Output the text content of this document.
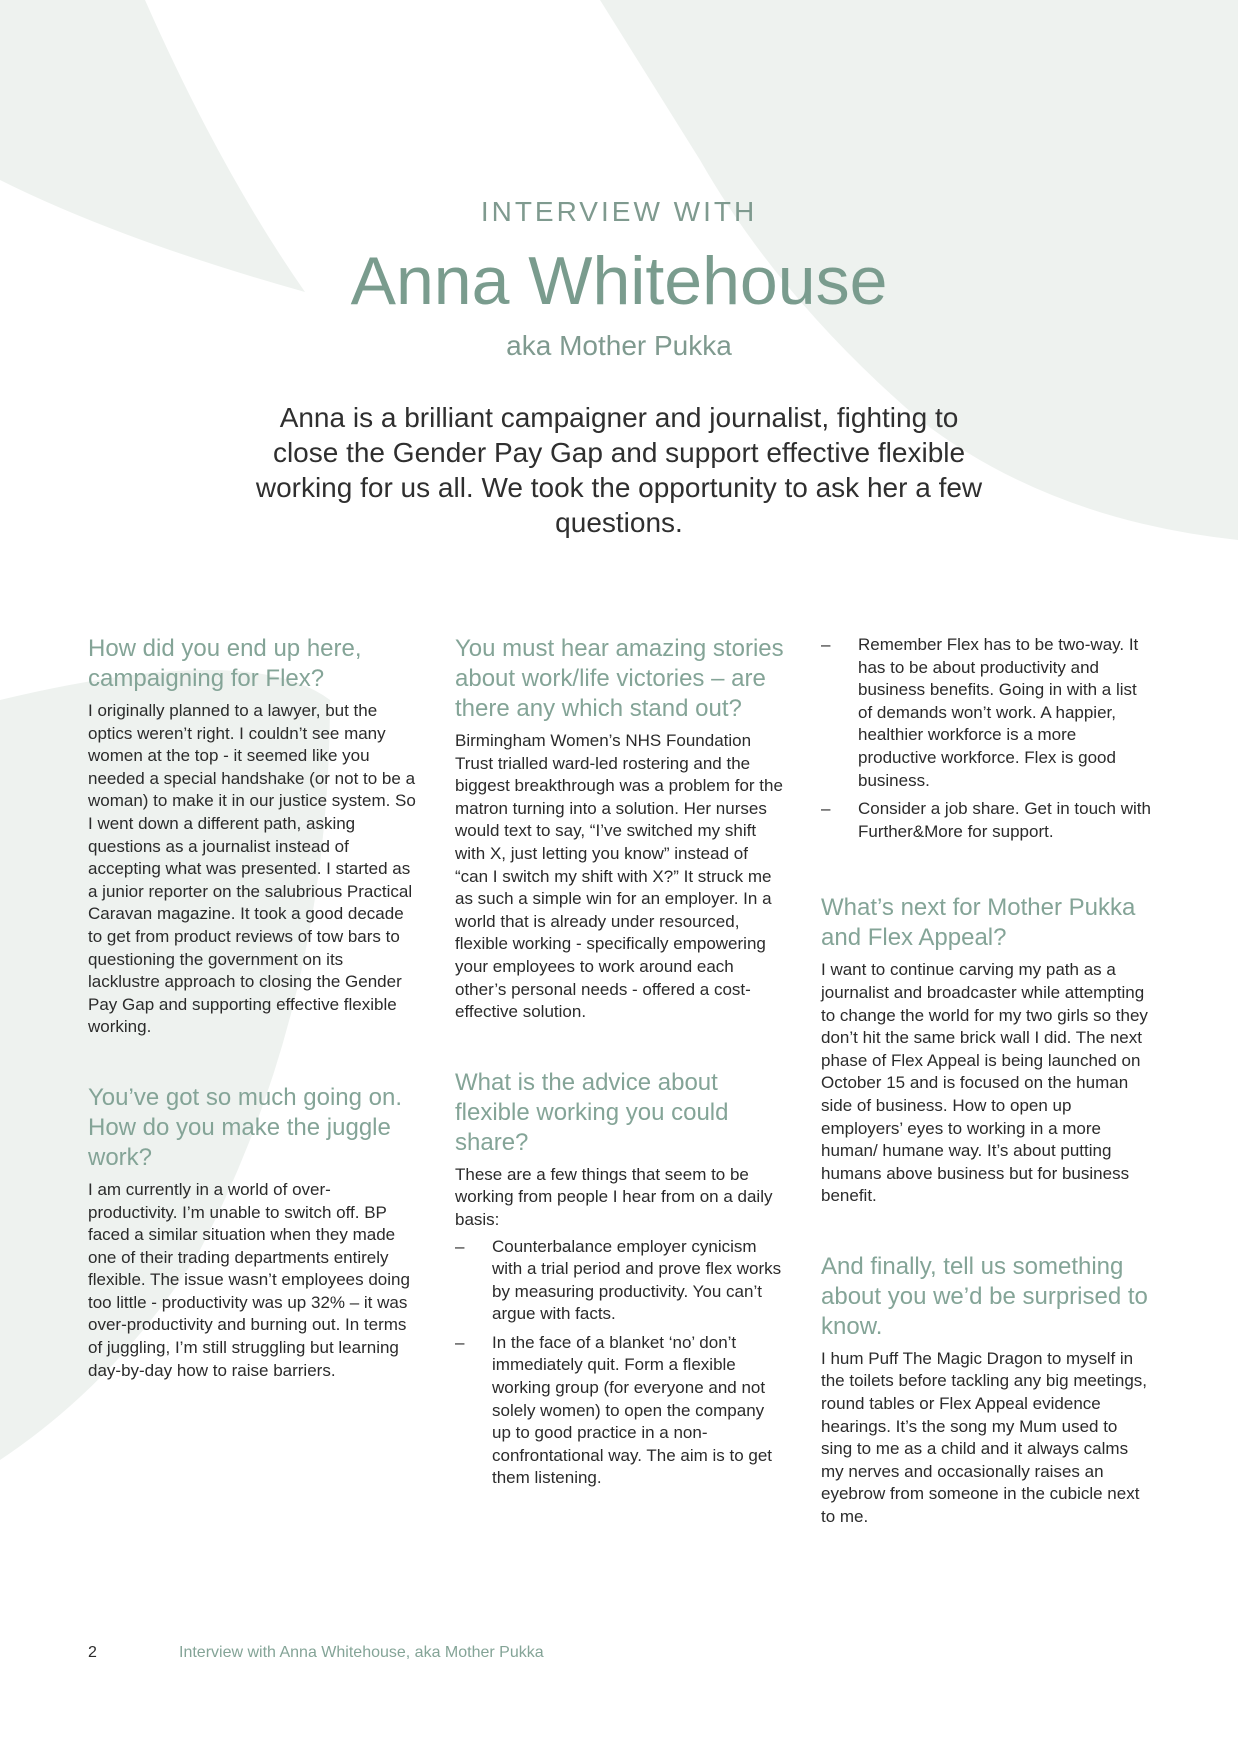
INTERVIEW WITH
Anna Whitehouse
aka Mother Pukka

Anna is a brilliant campaigner and journalist, fighting to close the Gender Pay Gap and support effective flexible working for us all. We took the opportunity to ask her a few questions.

How did you end up here, campaigning for Flex?

I originally planned to a lawyer, but the optics weren’t right. I couldn’t see many women at the top - it seemed like you needed a special handshake (or not to be a woman) to make it in our justice system. So I went down a different path, asking questions as a journalist instead of accepting what was presented. I started as a junior reporter on the salubrious Practical Caravan magazine. It took a good decade to get from product reviews of tow bars to questioning the government on its lacklustre approach to closing the Gender Pay Gap and supporting effective flexible working.

You’ve got so much going on. How do you make the juggle work?

I am currently in a world of over-productivity. I’m unable to switch off. BP faced a similar situation when they made one of their trading departments entirely flexible. The issue wasn’t employees doing too little - productivity was up 32% – it was over-productivity and burning out. In terms of juggling, I’m still struggling but learning day-by-day how to raise barriers.

You must hear amazing stories about work/life victories – are there any which stand out?

Birmingham Women’s NHS Foundation Trust trialled ward-led rostering and the biggest breakthrough was a problem for the matron turning into a solution. Her nurses would text to say, “I’ve switched my shift with X, just letting you know” instead of “can I switch my shift with X?” It struck me as such a simple win for an employer. In a world that is already under resourced, flexible working - specifically empowering your employees to work around each other’s personal needs - offered a cost-effective solution.

What is the advice about flexible working you could share?

These are a few things that seem to be working from people I hear from on a daily basis:

– Counterbalance employer cynicism with a trial period and prove flex works by measuring productivity. You can’t argue with facts.
– In the face of a blanket ‘no’ don’t immediately quit. Form a flexible working group (for everyone and not solely women) to open the company up to good practice in a non-confrontational way. The aim is to get them listening.
– Remember Flex has to be two-way. It has to be about productivity and business benefits. Going in with a list of demands won’t work. A happier, healthier workforce is a more productive workforce. Flex is good business.
– Consider a job share. Get in touch with Further&More for support.
What’s next for Mother Pukka and Flex Appeal?

I want to continue carving my path as a journalist and broadcaster while attempting to change the world for my two girls so they don’t hit the same brick wall I did. The next phase of Flex Appeal is being launched on October 15 and is focused on the human side of business. How to open up employers’ eyes to working in a more human/ humane way. It’s about putting humans above business but for business benefit.

And finally, tell us something about you we’d be surprised to know.

I hum Puff The Magic Dragon to myself in the toilets before tackling any big meetings, round tables or Flex Appeal evidence hearings. It’s the song my Mum used to sing to me as a child and it always calms my nerves and occasionally raises an eyebrow from someone in the cubicle next to me.

2	Interview with Anna Whitehouse, aka Mother Pukka
